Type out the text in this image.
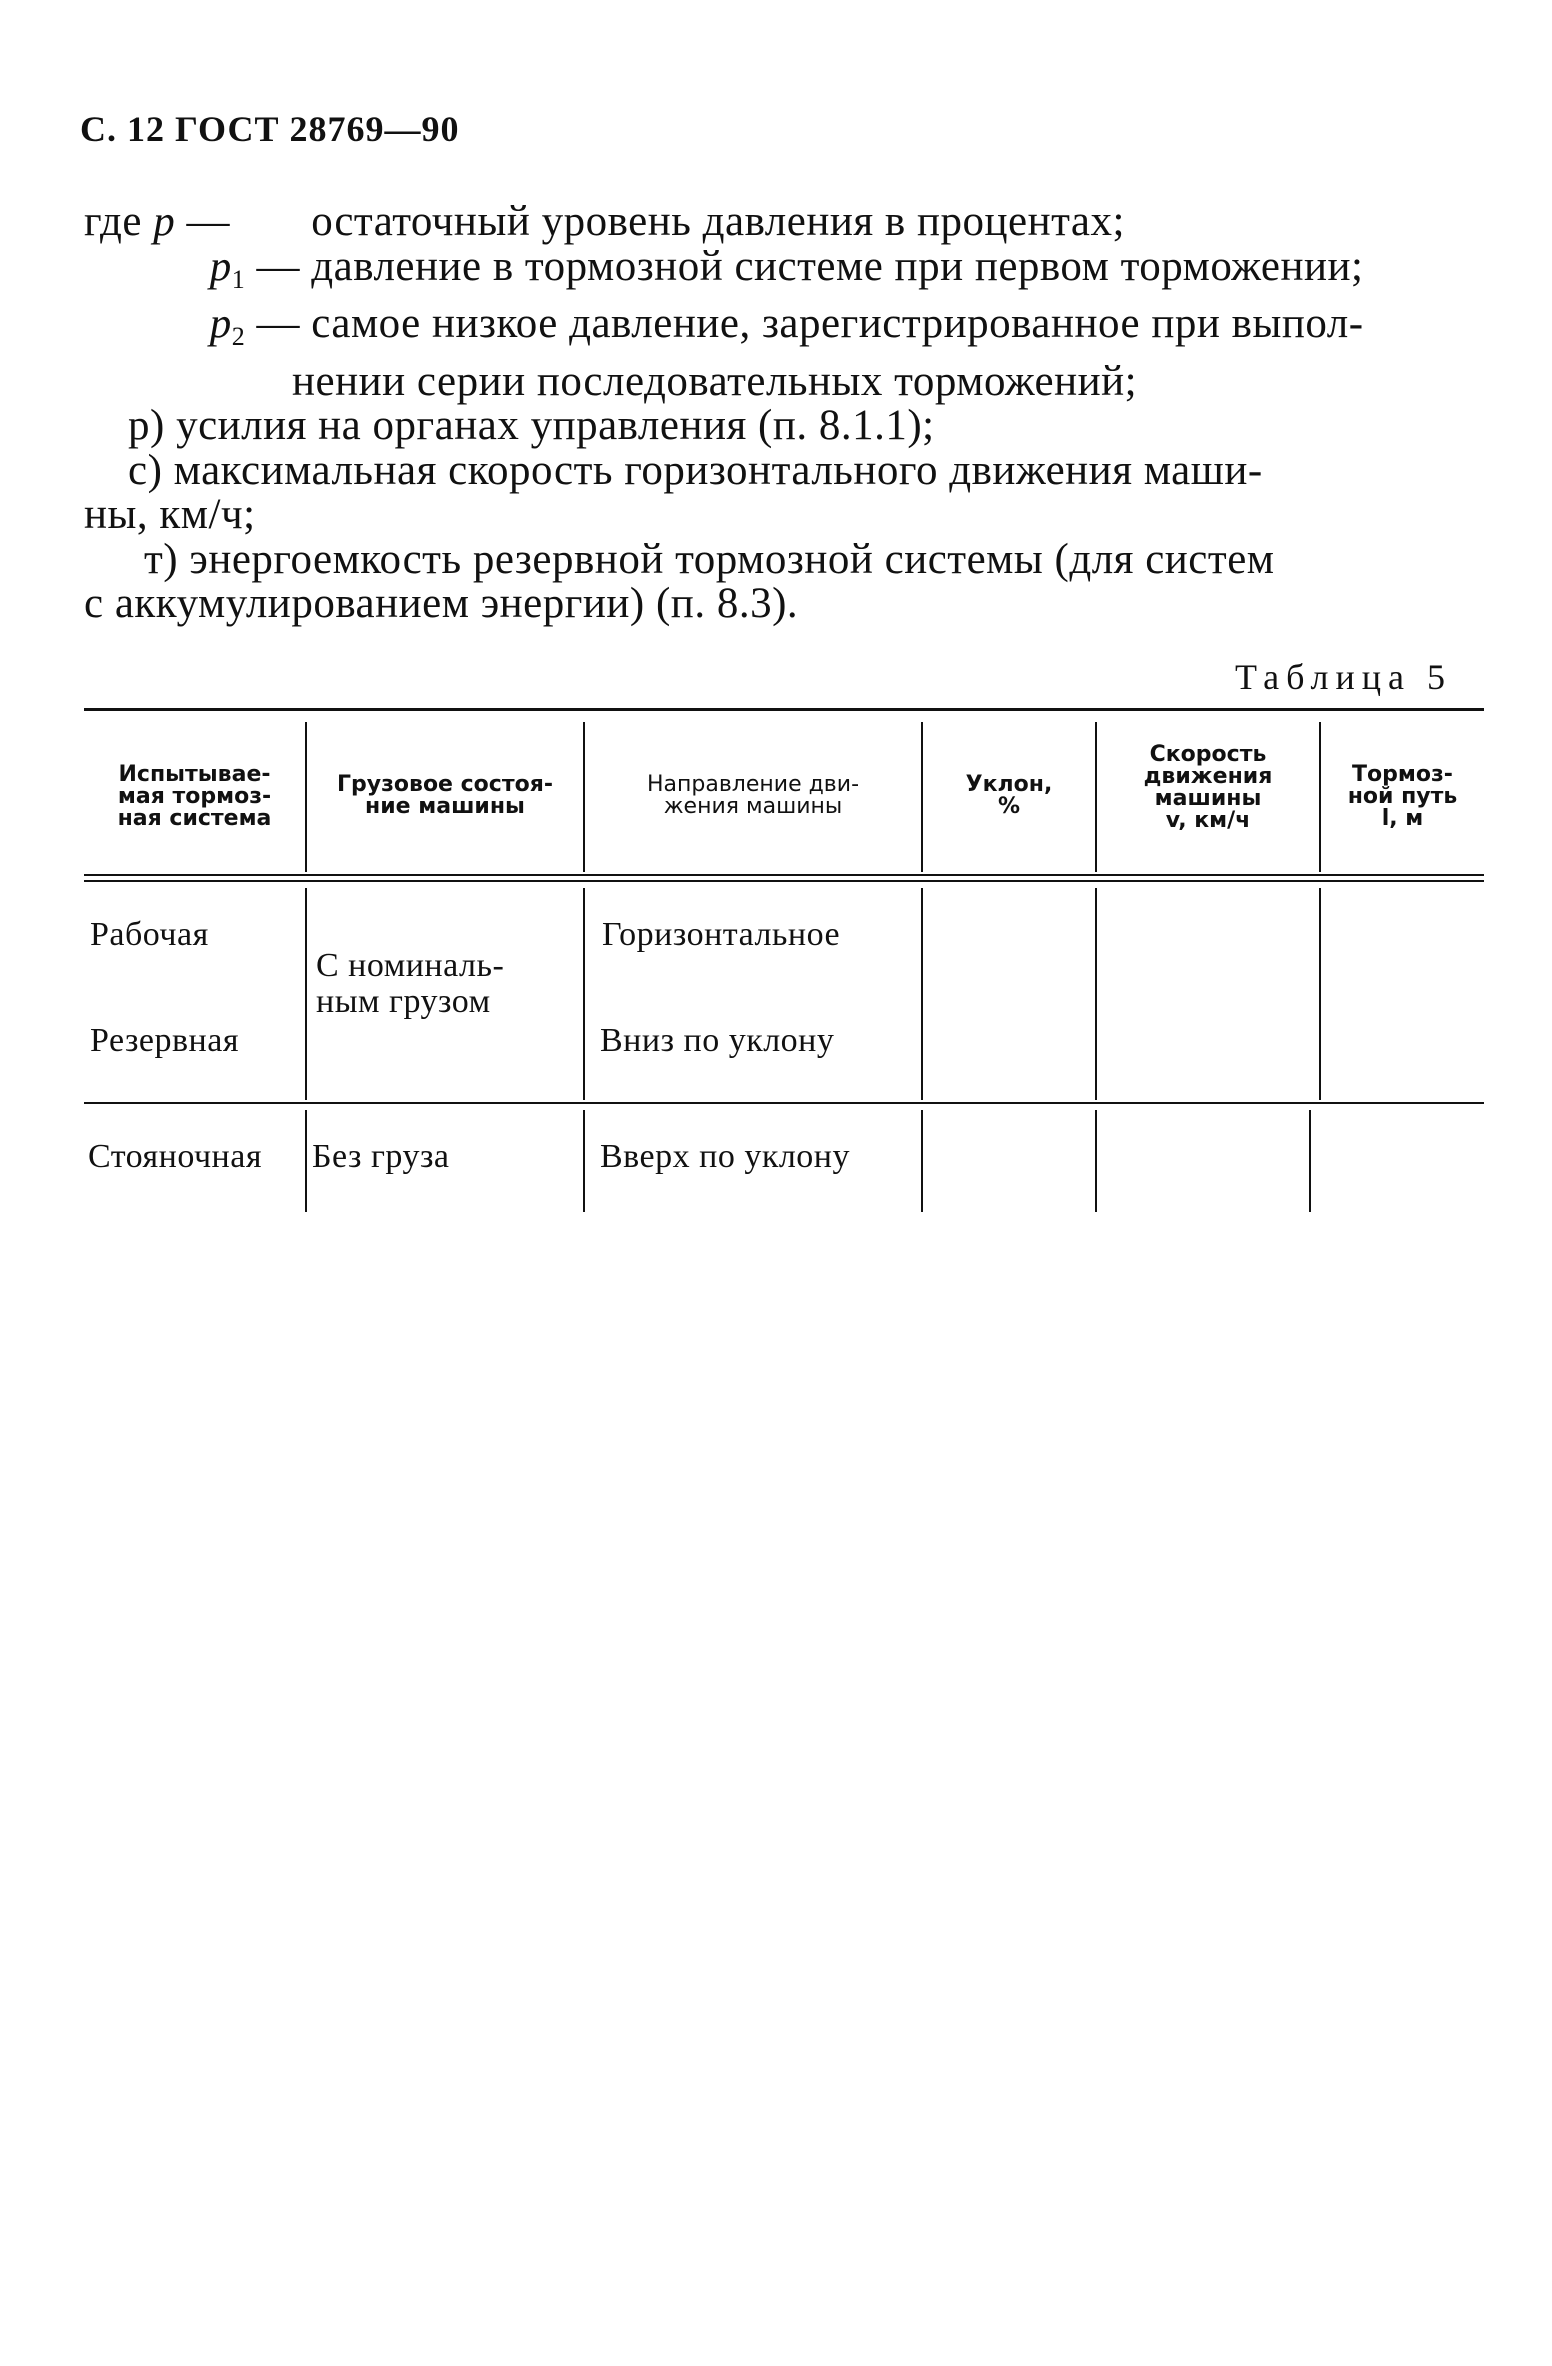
С. 12 ГОСТ 28769—90
где p —
	остаточный уровень давления в процентах;
$p_1$ —
давление в тормозной системе при первом торможении;
$p_2$ —
самое низкое давление, зарегистрированное при выпол-
нении серии последовательных торможений;
р) усилия на органах управления (п. 8.1.1);
с) максимальная скорость горизонтального движения маши-
ны, км/ч;
т) энергоемкость резервной тормозной системы (для систем
с аккумулированием энергии) (п. 8.3).
Таблица 5
Испытывае-
мая тормоз-
ная система
Грузовое состоя-
ние машины
Направление дви-
жения машины
Уклон,
%
Скорость
движения
машины
v, км/ч
Тормоз-
ной путь
l, м
Рабочая
Резервная
Стояночная
С номиналь-
ным грузом
Без груза
Горизонтальное
Вниз по уклону
Вверх по уклону
